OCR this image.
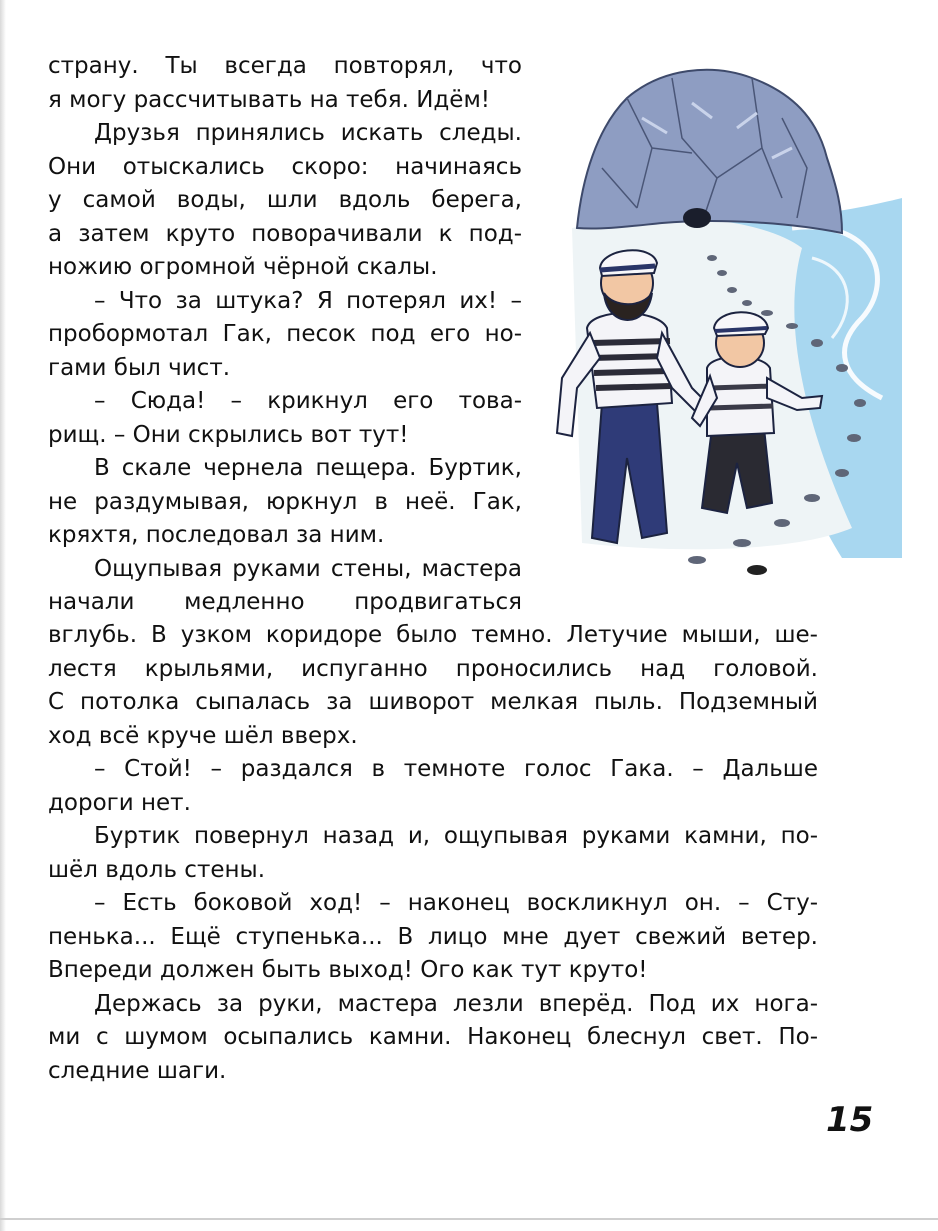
страну. Ты всегда повторял, что
я могу рассчитывать на тебя. Идём!
Друзья принялись искать следы.
Они отыскались скоро: начинаясь
у самой воды, шли вдоль берега,
а затем круто поворачивали к под-
ножию огромной чёрной скалы.
– Что за штука? Я потерял их! –
пробормотал Гак, песок под его но-
гами был чист.
– Сюда! – крикнул его това-
рищ. – Они скрылись вот тут!
В скале чернела пещера. Буртик,
не раздумывая, юркнул в неё. Гак,
кряхтя, последовал за ним.
Ощупывая руками стены, мастера
начали медленно продвигаться
вглубь. В узком коридоре было темно. Летучие мыши, ше-
лестя крыльями, испуганно проносились над головой.
С потолка сыпалась за шиворот мелкая пыль. Подземный
ход всё круче шёл вверх.
– Стой! – раздался в темноте голос Гака. – Дальше
дороги нет.
Буртик повернул назад и, ощупывая руками камни, по-
шёл вдоль стены.
– Есть боковой ход! – наконец воскликнул он. – Сту-
пенька... Ещё ступенька... В лицо мне дует свежий ветер.
Впереди должен быть выход! Ого как тут круто!
Держась за руки, мастера лезли вперёд. Под их нога-
ми с шумом осыпались камни. Наконец блеснул свет. По-
следние шаги.
15
